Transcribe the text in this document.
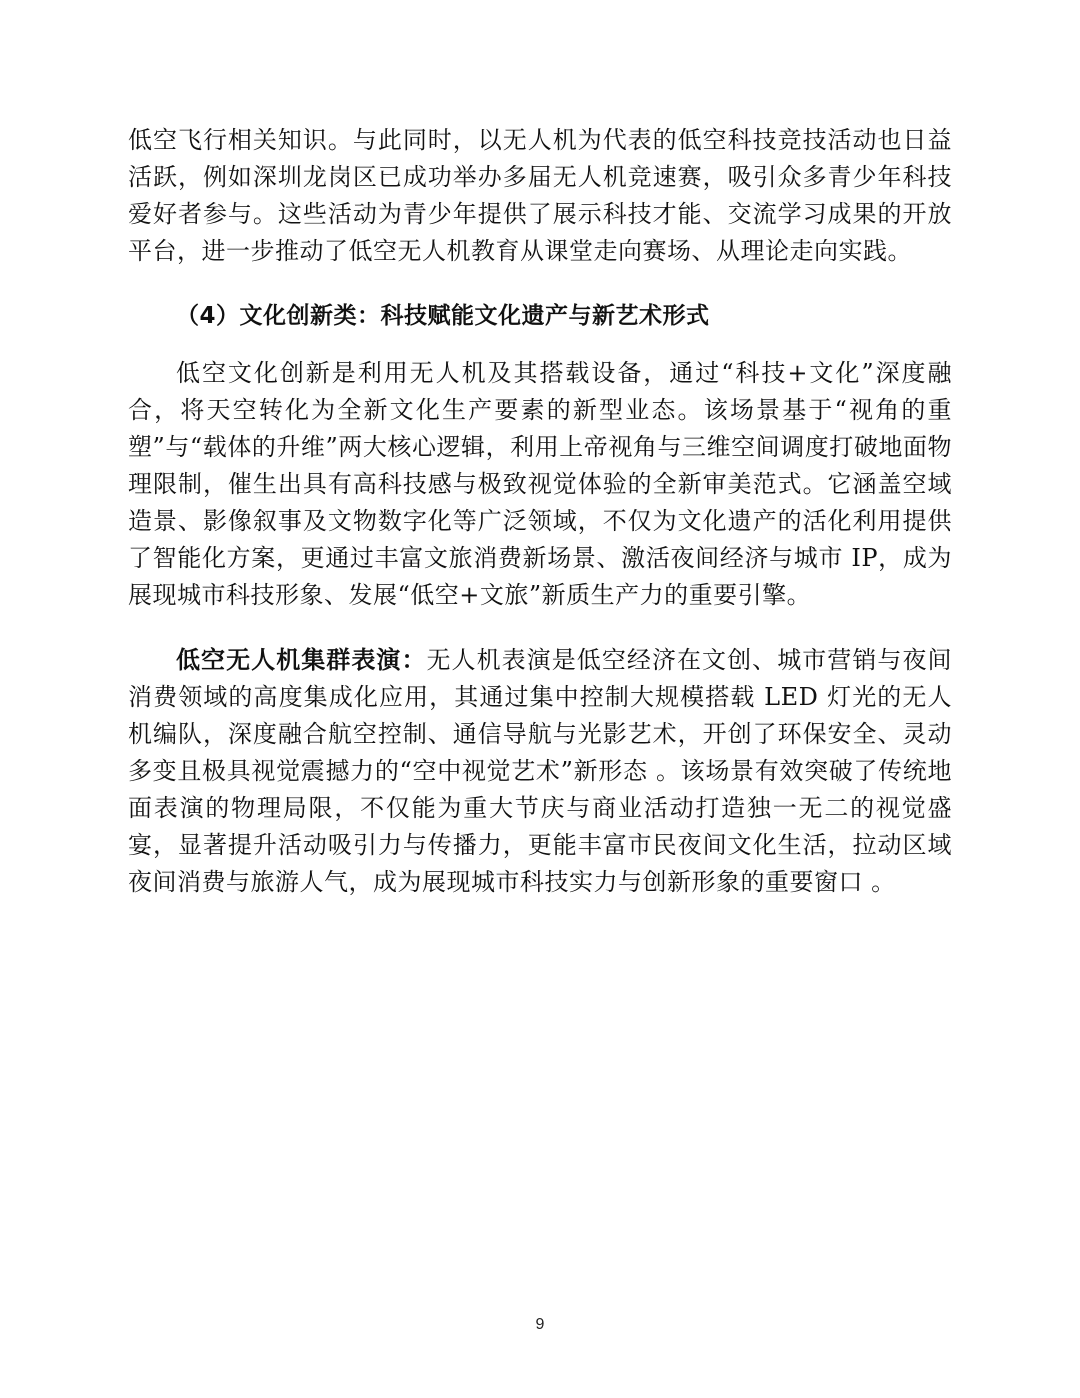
低空飞行相关知识。与此同时，以无人机为代表的低空科技竞技活动也日益活跃，例如深圳龙岗区已成功举办多届无人机竞速赛，吸引众多青少年科技爱好者参与。这些活动为青少年提供了展示科技才能、交流学习成果的开放平台，进一步推动了低空无人机教育从课堂走向赛场、从理论走向实践。

（4）文化创新类：科技赋能文化遗产与新艺术形式

低空文化创新是利用无人机及其搭载设备，通过“科技+文化”深度融合，将天空转化为全新文化生产要素的新型业态。该场景基于“视角的重塑”与“载体的升维”两大核心逻辑，利用上帝视角与三维空间调度打破地面物理限制，催生出具有高科技感与极致视觉体验的全新审美范式。它涵盖空域造景、影像叙事及文物数字化等广泛领域，不仅为文化遗产的活化利用提供了智能化方案，更通过丰富文旅消费新场景、激活夜间经济与城市 IP，成为展现城市科技形象、发展“低空+文旅”新质生产力的重要引擎。

低空无人机集群表演：无人机表演是低空经济在文创、城市营销与夜间消费领域的高度集成化应用，其通过集中控制大规模搭载 LED 灯光的无人机编队，深度融合航空控制、通信导航与光影艺术，开创了环保安全、灵动多变且极具视觉震撼力的“空中视觉艺术”新形态 。该场景有效突破了传统地面表演的物理局限，不仅能为重大节庆与商业活动打造独一无二的视觉盛宴，显著提升活动吸引力与传播力，更能丰富市民夜间文化生活，拉动区域夜间消费与旅游人气，成为展现城市科技实力与创新形象的重要窗口 。

9
